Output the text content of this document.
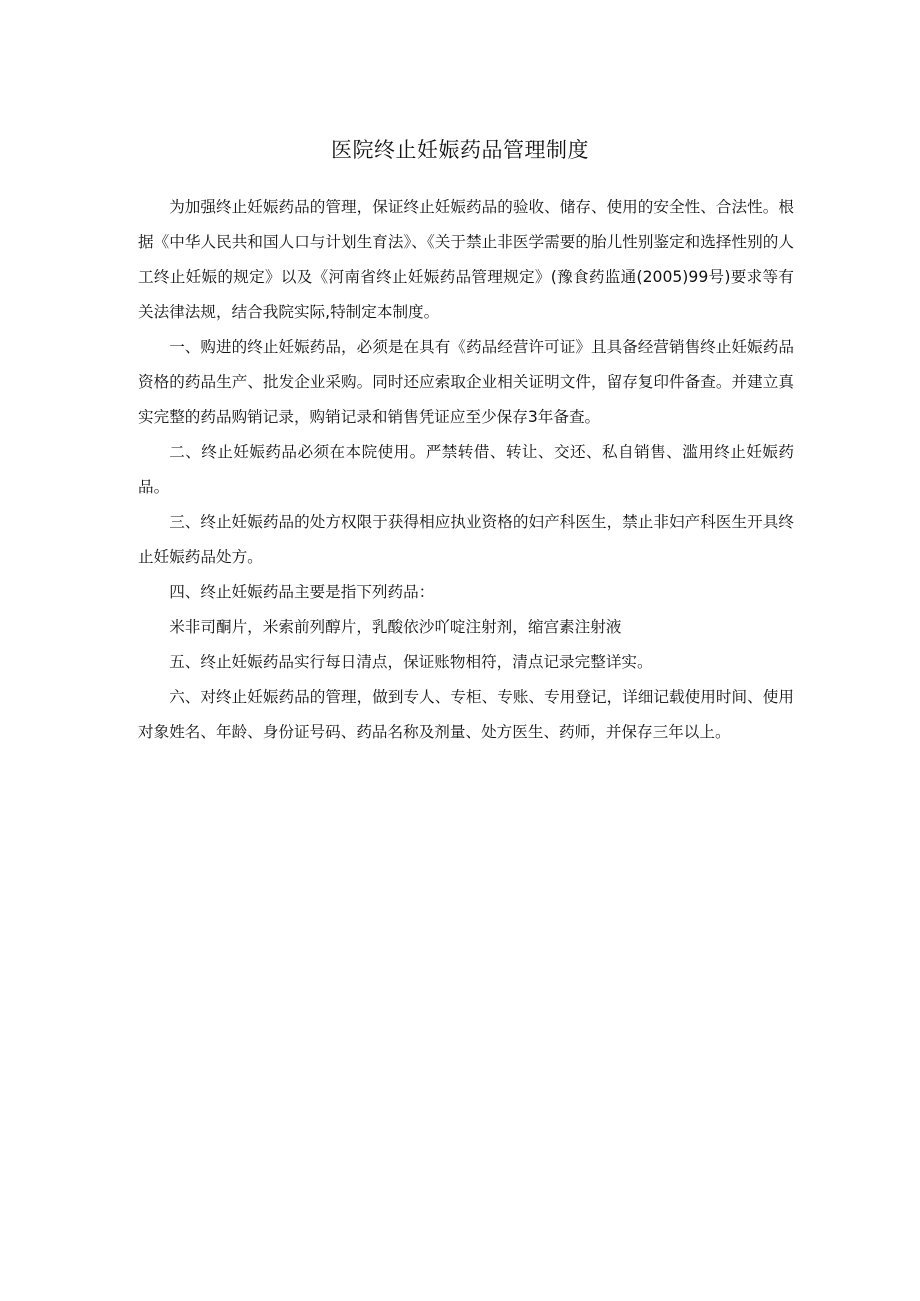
医院终止妊娠药品管理制度

为加强终止妊娠药品的管理，保证终止妊娠药品的验收、储存、使用的安全性、合法性。根据《中华人民共和国人口与计划生育法》、《关于禁止非医学需要的胎儿性别鉴定和选择性别的人工终止妊娠的规定》以及《河南省终止妊娠药品管理规定》(豫食药监通(2005)99号)要求等有关法律法规，结合我院实际,特制定本制度。

一、购进的终止妊娠药品，必须是在具有《药品经营许可证》且具备经营销售终止妊娠药品资格的药品生产、批发企业采购。同时还应索取企业相关证明文件，留存复印件备查。并建立真实完整的药品购销记录，购销记录和销售凭证应至少保存3年备查。

二、终止妊娠药品必须在本院使用。严禁转借、转让、交还、私自销售、滥用终止妊娠药品。

三、终止妊娠药品的处方权限于获得相应执业资格的妇产科医生，禁止非妇产科医生开具终止妊娠药品处方。

四、终止妊娠药品主要是指下列药品：

米非司酮片，米索前列醇片，乳酸依沙吖啶注射剂，缩宫素注射液

五、终止妊娠药品实行每日清点，保证账物相符，清点记录完整详实。

六、对终止妊娠药品的管理，做到专人、专柜、专账、专用登记，详细记载使用时间、使用对象姓名、年龄、身份证号码、药品名称及剂量、处方医生、药师，并保存三年以上。
